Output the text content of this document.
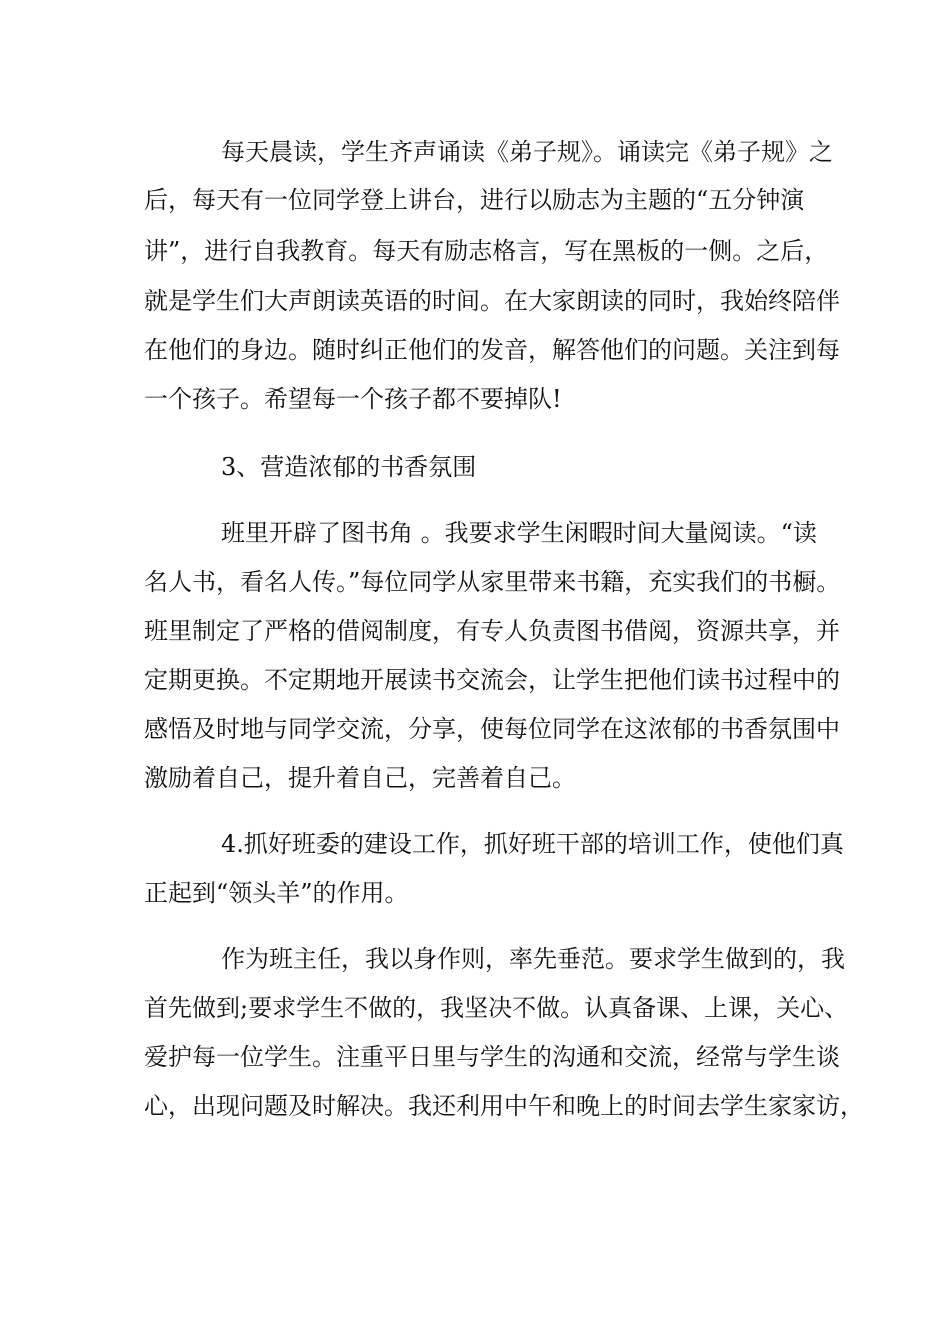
每天晨读，学生齐声诵读《弟子规》。诵读完《弟子规》之
后，每天有一位同学登上讲台，进行以励志为主题的“五分钟演
讲”，进行自我教育。每天有励志格言，写在黑板的一侧。之后，
就是学生们大声朗读英语的时间。在大家朗读的同时，我始终陪伴
在他们的身边。随时纠正他们的发音，解答他们的问题。关注到每
一个孩子。希望每一个孩子都不要掉队!
3、营造浓郁的书香氛围
班里开辟了图书角 。我要求学生闲暇时间大量阅读。“读
名人书，看名人传。”每位同学从家里带来书籍，充实我们的书橱。
班里制定了严格的借阅制度，有专人负责图书借阅，资源共享，并
定期更换。不定期地开展读书交流会，让学生把他们读书过程中的
感悟及时地与同学交流，分享，使每位同学在这浓郁的书香氛围中
激励着自己，提升着自己，完善着自己。
4.抓好班委的建设工作，抓好班干部的培训工作，使他们真
正起到“领头羊”的作用。
作为班主任，我以身作则，率先垂范。要求学生做到的，我
首先做到;要求学生不做的，我坚决不做。认真备课、上课，关心、
爱护每一位学生。注重平日里与学生的沟通和交流，经常与学生谈
心，出现问题及时解决。我还利用中午和晚上的时间去学生家家访，
